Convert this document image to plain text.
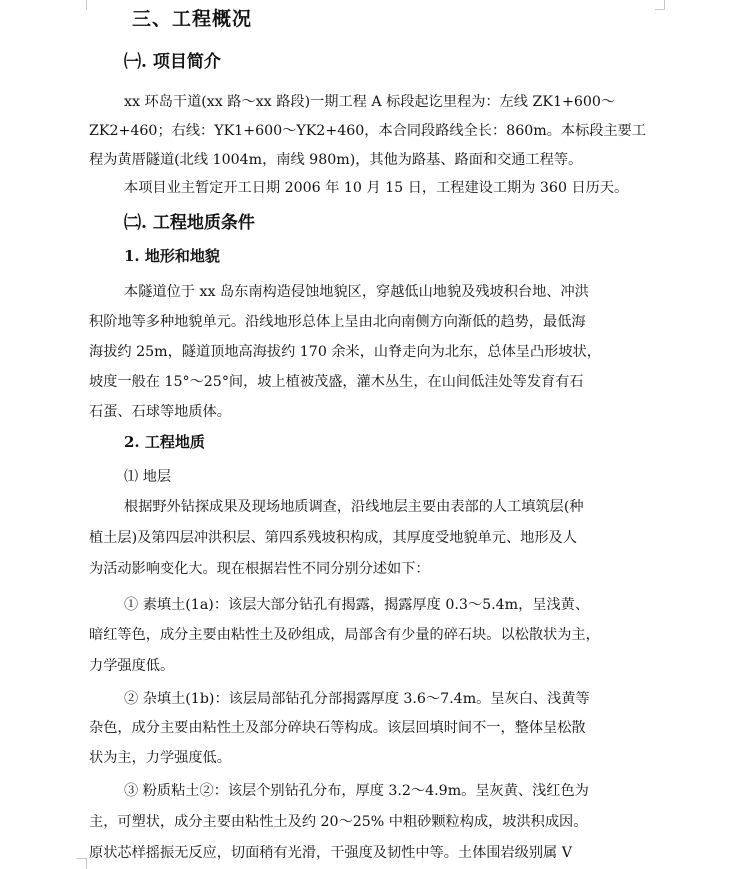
三、工程概况
㈠. 项目简介
xx 环岛干道(xx 路～xx 路段)一期工程 A 标段起讫里程为：左线 ZK1+600～
ZK2+460；右线：YK1+600～YK2+460，本合同段路线全长：860m。本标段主要工
程为黄厝隧道(北线 1004m，南线 980m)，其他为路基、路面和交通工程等。
本项目业主暂定开工日期 2006 年 10 月 15 日，工程建设工期为 360 日历天。
㈡. 工程地质条件
1. 地形和地貌
本隧道位于 xx 岛东南构造侵蚀地貌区，穿越低山地貌及残坡积台地、冲洪
积阶地等多种地貌单元。沿线地形总体上呈由北向南侧方向渐低的趋势，最低海
海拔约 25m，隧道顶地高海拔约 170 余米，山脊走向为北东，总体呈凸形坡状，
坡度一般在 15°～25°间，坡上植被茂盛，灌木丛生，在山间低洼处等发育有石
石蛋、石球等地质体。
2. 工程地质
⑴ 地层
根据野外钻探成果及现场地质调查，沿线地层主要由表部的人工填筑层(种
植土层)及第四层冲洪积层、第四系残坡积构成，其厚度受地貌单元、地形及人
为活动影响变化大。现在根据岩性不同分别分述如下：
① 素填土(1a)：该层大部分钻孔有揭露，揭露厚度 0.3～5.4m，呈浅黄、
暗红等色，成分主要由粘性土及砂组成，局部含有少量的碎石块。以松散状为主，
力学强度低。
② 杂填土(1b)：该层局部钻孔分部揭露厚度 3.6～7.4m。呈灰白、浅黄等
杂色，成分主要由粘性土及部分碎块石等构成。该层回填时间不一，整体呈松散
状为主，力学强度低。
③ 粉质粘土②：该层个别钻孔分布，厚度 3.2～4.9m。呈灰黄、浅红色为
主，可塑状，成分主要由粘性土及约 20～25% 中粗砂颗粒构成，坡洪积成因。
原状芯样摇振无反应，切面稍有光滑，干强度及韧性中等。土体围岩级别属 V
